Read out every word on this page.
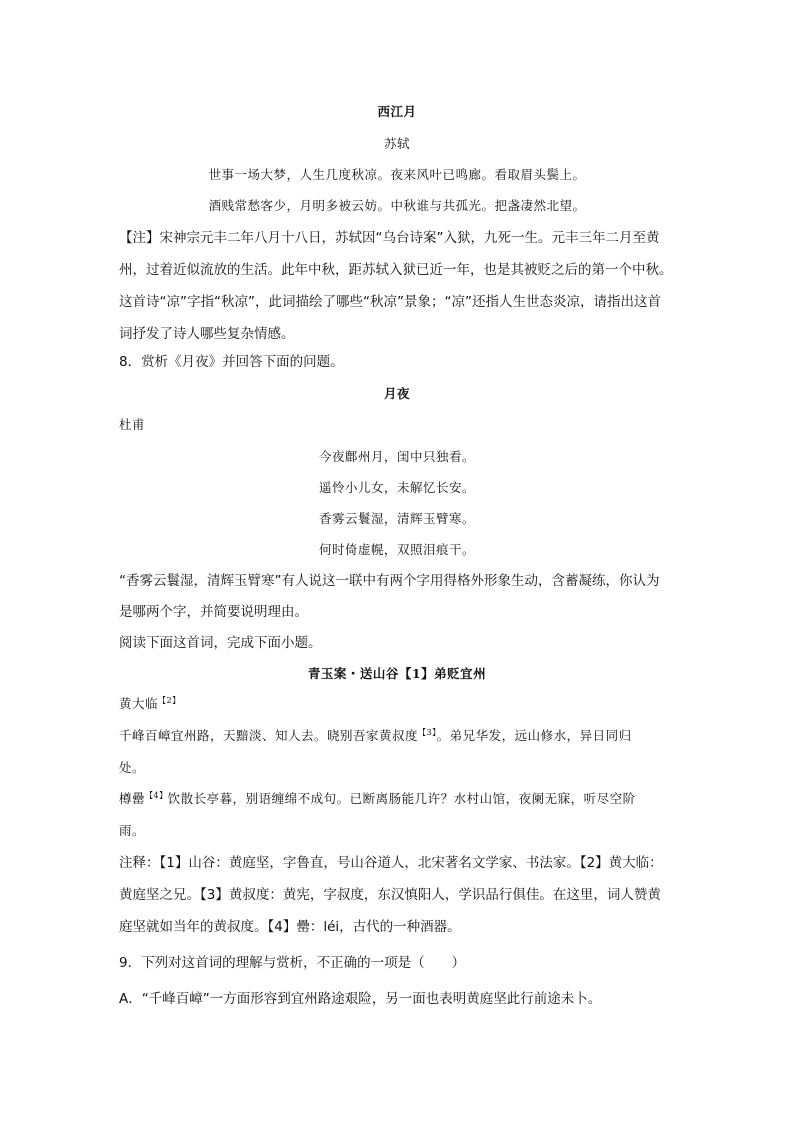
西江月
苏轼
世事一场大梦，人生几度秋凉。夜来风叶已鸣廊。看取眉头鬓上。
酒贱常愁客少，月明多被云妨。中秋谁与共孤光。把盏凄然北望。
【注】宋神宗元丰二年八月十八日，苏轼因“乌台诗案”入狱，九死一生。元丰三年二月至黄
州，过着近似流放的生活。此年中秋，距苏轼入狱已近一年，也是其被贬之后的第一个中秋。
这首诗“凉”字指“秋凉”，此词描绘了哪些“秋凉”景象；“凉”还指人生世态炎凉，请指出这首
词抒发了诗人哪些复杂情感。
8．赏析《月夜》并回答下面的问题。
月夜
杜甫
今夜鄜州月，闺中只独看。
遥怜小儿女，未解忆长安。
香雾云鬟湿，清辉玉臂寒。
何时倚虚幌，双照泪痕干。
“香雾云鬟湿，清辉玉臂寒”有人说这一联中有两个字用得格外形象生动，含蓄凝练，你认为
是哪两个字，并简要说明理由。
阅读下面这首词，完成下面小题。
青玉案・送山谷【1】弟贬宜州
黄大临$^{【2】}$
千峰百嶂宜州路，天黯淡、知人去。晓别吾家黄叔度$^{【3】}$。弟兄华发，远山修水，异日同归
处。
樽罍$^{【4】}$饮散长亭暮，别语缠绵不成句。已断离肠能几许？水村山馆，夜阑无寐，听尽空阶
雨。
注释：【1】山谷：黄庭坚，字鲁直，号山谷道人，北宋著名文学家、书法家。【2】黄大临：
黄庭坚之兄。【3】黄叔度：黄宪，字叔度，东汉慎阳人，学识品行俱佳。在这里，词人赞黄
庭坚就如当年的黄叔度。【4】罍：léi，古代的一种酒器。
9．下列对这首词的理解与赏析，不正确的一项是（　　）
A．“千峰百嶂”一方面形容到宜州路途艰险，另一面也表明黄庭坚此行前途未卜。
